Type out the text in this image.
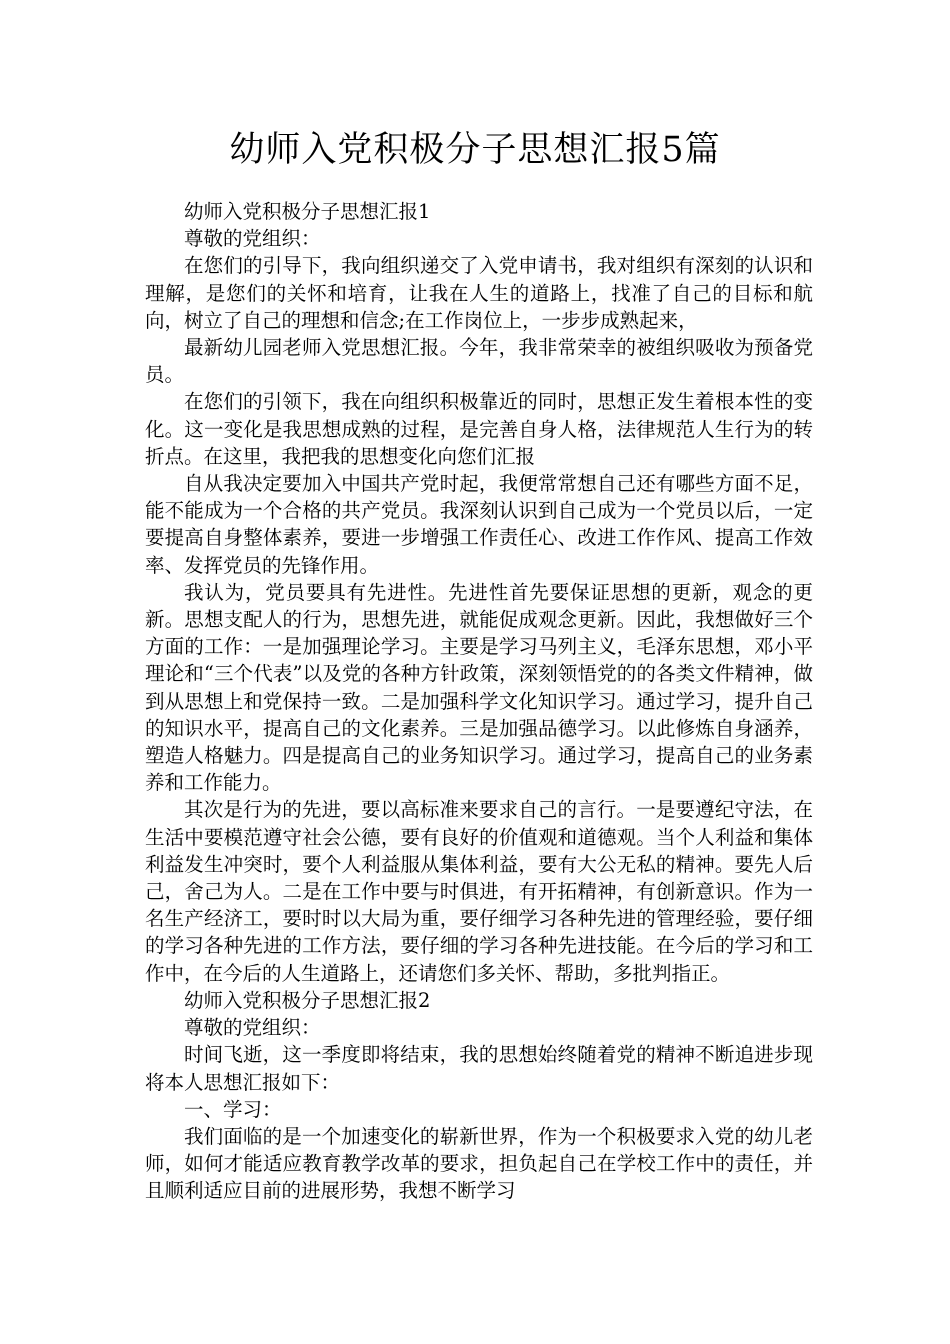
幼师入党积极分子思想汇报5篇

幼师入党积极分子思想汇报1

尊敬的党组织：

在您们的引导下，我向组织递交了入党申请书，我对组织有深刻的认识和理解，是您们的关怀和培育，让我在人生的道路上，找准了自己的目标和航向，树立了自己的理想和信念;在工作岗位上，一步步成熟起来，

最新幼儿园老师入党思想汇报。今年，我非常荣幸的被组织吸收为预备党员。

在您们的引领下，我在向组织积极靠近的同时，思想正发生着根本性的变化。这一变化是我思想成熟的过程，是完善自身人格，法律规范人生行为的转折点。在这里，我把我的思想变化向您们汇报

自从我决定要加入中国共产党时起，我便常常想自己还有哪些方面不足，能不能成为一个合格的共产党员。我深刻认识到自己成为一个党员以后，一定要提高自身整体素养，要进一步增强工作责任心、改进工作作风、提高工作效率、发挥党员的先锋作用。

我认为，党员要具有先进性。先进性首先要保证思想的更新，观念的更新。思想支配人的行为，思想先进，就能促成观念更新。因此，我想做好三个方面的工作：一是加强理论学习。主要是学习马列主义，毛泽东思想，邓小平理论和“三个代表”以及党的各种方针政策，深刻领悟党的的各类文件精神，做到从思想上和党保持一致。二是加强科学文化知识学习。通过学习，提升自己的知识水平，提高自己的文化素养。三是加强品德学习。以此修炼自身涵养，塑造人格魅力。四是提高自己的业务知识学习。通过学习，提高自己的业务素养和工作能力。

其次是行为的先进，要以高标准来要求自己的言行。一是要遵纪守法，在生活中要模范遵守社会公德，要有良好的价值观和道德观。当个人利益和集体利益发生冲突时，要个人利益服从集体利益，要有大公无私的精神。要先人后己，舍己为人。二是在工作中要与时俱进，有开拓精神，有创新意识。作为一名生产经济工，要时时以大局为重，要仔细学习各种先进的管理经验，要仔细的学习各种先进的工作方法，要仔细的学习各种先进技能。在今后的学习和工作中，在今后的人生道路上，还请您们多关怀、帮助，多批判指正。

幼师入党积极分子思想汇报2

尊敬的党组织：

时间飞逝，这一季度即将结束，我的思想始终随着党的精神不断追进步现将本人思想汇报如下：

一、学习：

我们面临的是一个加速变化的崭新世界，作为一个积极要求入党的幼儿老师，如何才能适应教育教学改革的要求，担负起自己在学校工作中的责任，并且顺利适应目前的进展形势，我想不断学习
